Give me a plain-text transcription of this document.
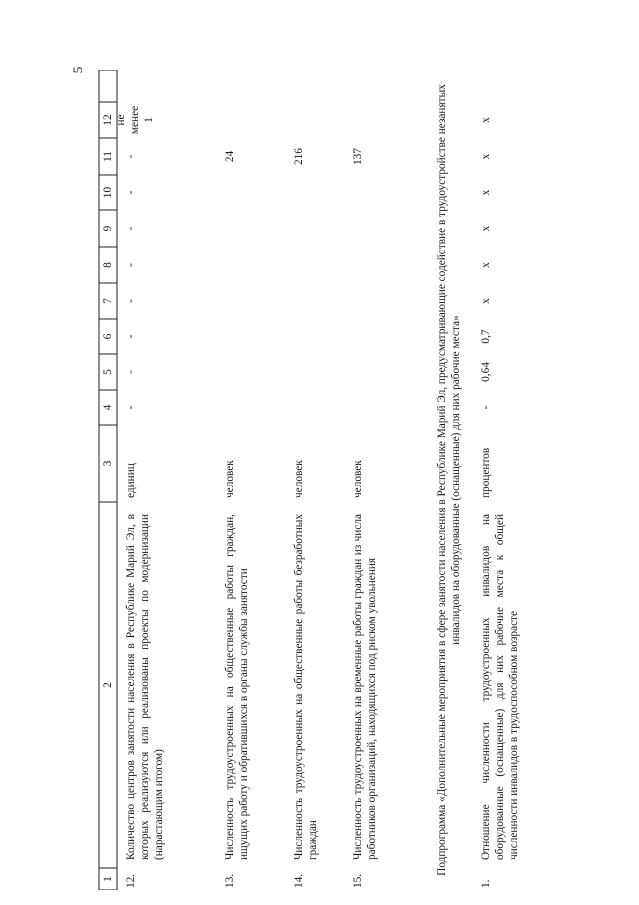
5
1
2
3
4
5
6
7
8
9
10
11
12
12.
Количество центров занятости населения в Республике Марий Эл, в которых реализуются или реализованы проекты по модернизации (нарастающим итогом)
единиц
-
-
-
-
-
-
-
-
не менее 1
13.
Численность трудоустроенных на общественные работы граждан, ищущих работу и обратившихся в органы службы занятости
человек
24
14.
Численность трудоустроенных на общественные работы безработных граждан
человек
216
15.
Численность трудоустроенных на временные работы граждан из числа работников организаций, находящихся под риском увольнения
человек
137	Подпрограмма «Дополнительные мероприятия в сфере занятости населения в Республике Марий Эл, предусматривающие содействие в трудоустройстве незанятых инвалидов на оборудованные (оснащенные) для них рабочие места»
1.
Отношение численности трудоустроенных инвалидов на оборудованные (оснащенные) для них рабочие места к общей численности инвалидов в трудоспособном возрасте
процентов
-
0,64
0,7
x
x
x
x
x
x
